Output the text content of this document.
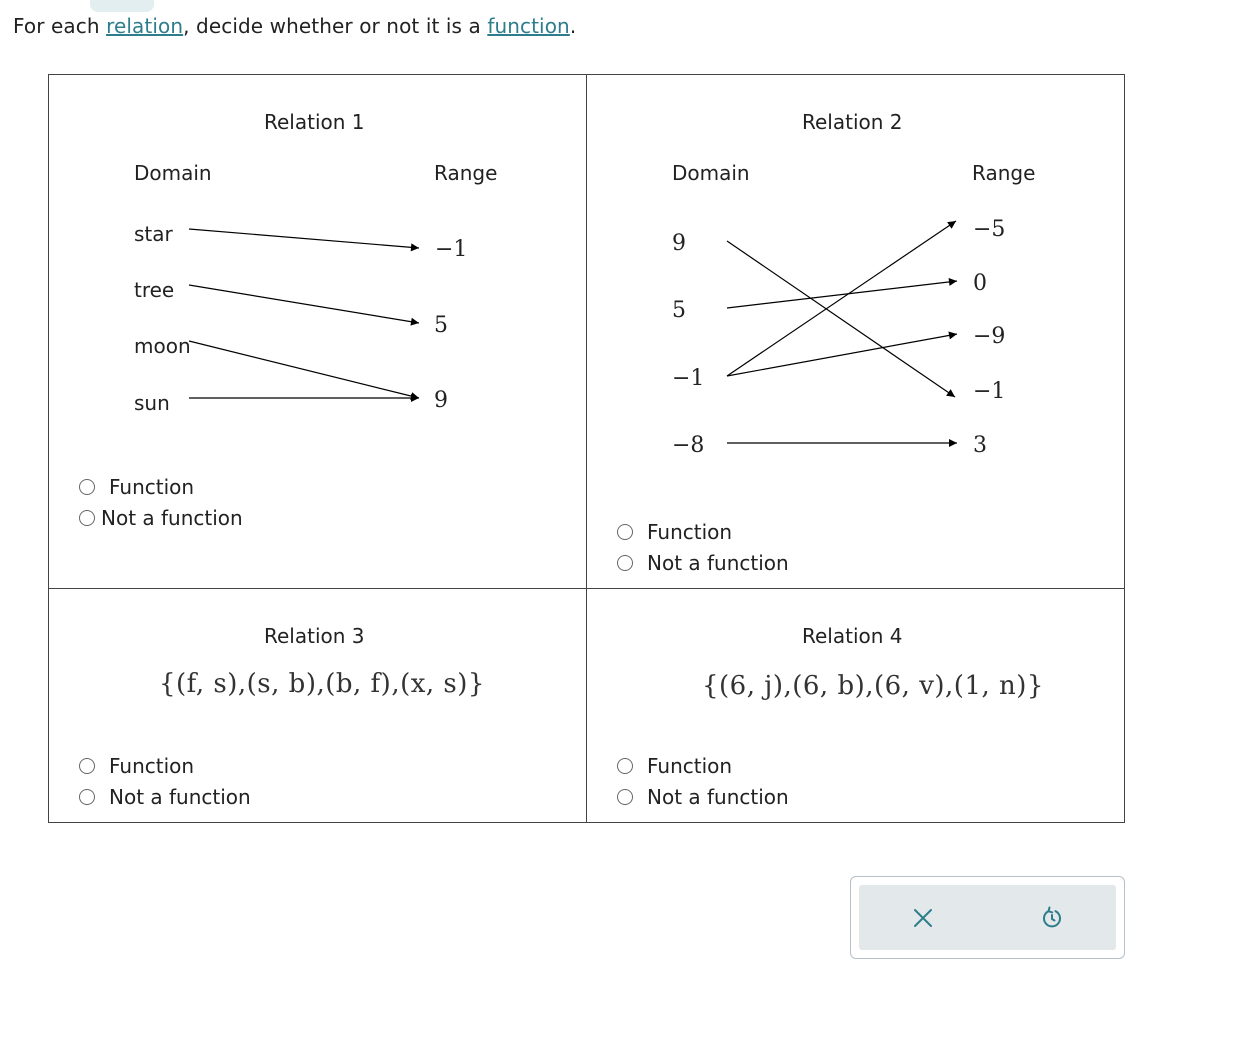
For each relation, decide whether or not it is a function.
Relation 1
Domain	Range
star
tree
moon
sun
−1
5
9
Function
Not a function
Relation 2
Domain	Range
9
5
−1
−8
−5
0
−9
−1
3
Function
Not a function
Relation 3
{(f, s),(s, b),(b, f),(x, s)}
Function
Not a function
Relation 4
{(6, j),(6, b),(6, v),(1, n)}
Function
Not a function
